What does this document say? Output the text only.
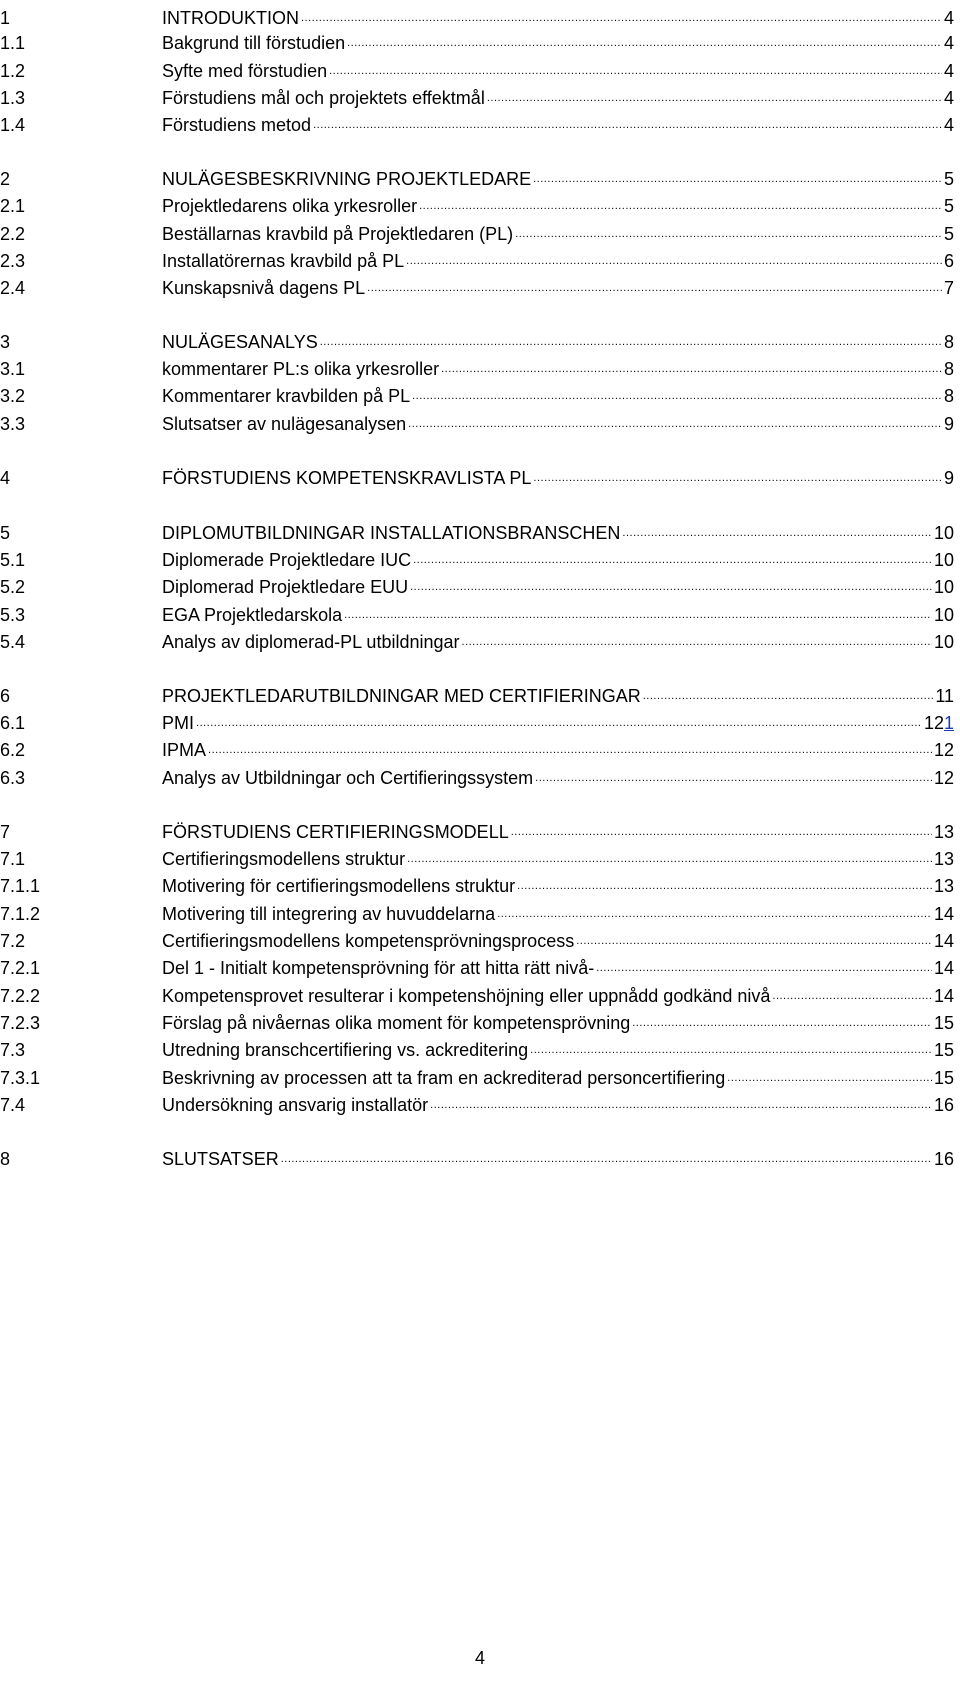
1	INTRODUKTION .....	4
1.1	Bakgrund till förstudien .....	4
1.2	Syfte med förstudien .....	4
1.3	Förstudiens mål och projektets effektmål .....	4
1.4	Förstudiens metod .....	4
2	NULÄGESBESKRIVNING PROJEKTLEDARE .....	5
2.1	Projektledarens olika yrkesroller .....	5
2.2	Beställarnas kravbild på Projektledaren (PL) .....	5
2.3	Installatörernas kravbild på PL .....	6
2.4	Kunskapsnivå dagens PL .....	7
3	NULÄGESANALYS .....	8
3.1	kommentarer PL:s olika yrkesroller .....	8
3.2	Kommentarer kravbilden på PL .....	8
3.3	Slutsatser av nulägesanalysen .....	9
4	FÖRSTUDIENS KOMPETENSKRAVLISTA PL .....	9
5	DIPLOMUTBILDNINGAR INSTALLATIONSBRANSCHEN .....	10
5.1	Diplomerade Projektledare IUC .....	10
5.2	Diplomerad Projektledare EUU .....	10
5.3	EGA Projektledarskola .....	10
5.4	Analys av diplomerad-PL utbildningar .....	10
6	PROJEKTLEDARUTBILDNINGAR MED CERTIFIERINGAR .....	11
6.1	PMI .....	121
6.2	IPMA .....	12
6.3	Analys av Utbildningar och Certifieringssystem .....	12
7	FÖRSTUDIENS CERTIFIERINGSMODELL .....	13
7.1	Certifieringsmodellens struktur .....	13
7.1.1	Motivering för certifieringsmodellens struktur .....	13
7.1.2	Motivering till integrering av huvuddelarna .....	14
7.2	Certifieringsmodellens kompetensprövningsprocess .....	14
7.2.1	Del 1 - Initialt kompetensprövning för att hitta rätt nivå- .....	14
7.2.2	Kompetensprovet resulterar i kompetenshöjning eller uppnådd godkänd nivå .....	14
7.2.3	Förslag på nivåernas olika moment för kompetensprövning .....	15
7.3	Utredning branschcertifiering vs. ackreditering .....	15
7.3.1	Beskrivning av processen att ta fram en ackrediterad personcertifiering .....	15
7.4	Undersökning ansvarig installatör .....	16
8	SLUTSATSER .....	16
4
